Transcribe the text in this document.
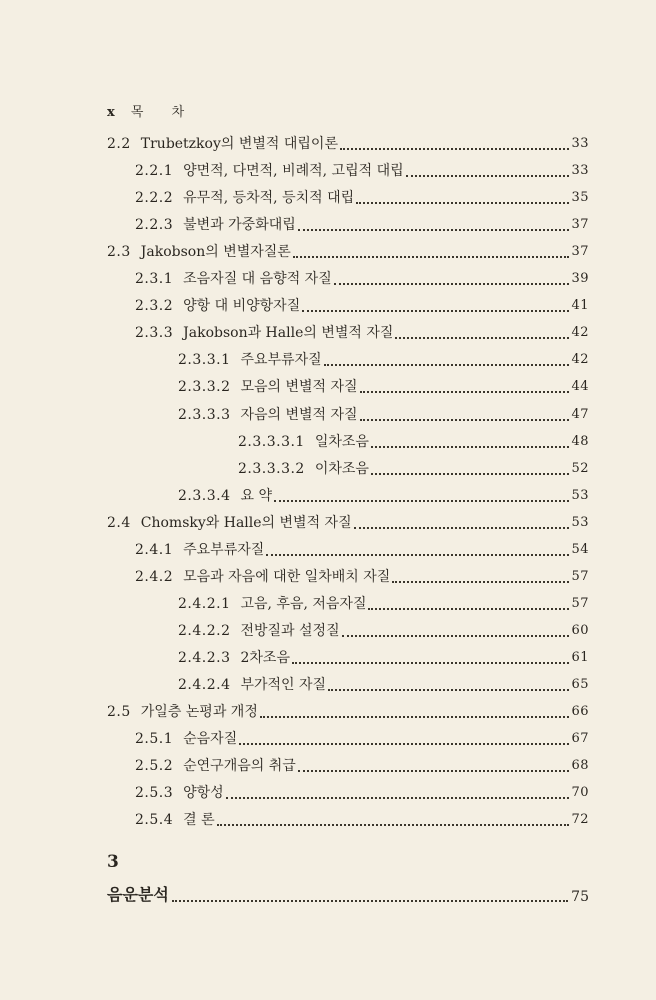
x 목 차
2.2 Trubetzkoy의 변별적 대립이론	33
2.2.1 양면적, 다면적, 비례적, 고립적 대립	33
2.2.2 유무적, 등차적, 등치적 대립	35
2.2.3 불변과 가중화대립	37
2.3 Jakobson의 변별자질론	37
2.3.1 조음자질 대 음향적 자질	39
2.3.2 양항 대 비양항자질	41
2.3.3 Jakobson과 Halle의 변별적 자질	42
2.3.3.1 주요부류자질	42
2.3.3.2 모음의 변별적 자질	44
2.3.3.3 자음의 변별적 자질	47
2.3.3.3.1 일차조음	48
2.3.3.3.2 이차조음	52
2.3.3.4 요 약	53
2.4 Chomsky와 Halle의 변별적 자질	53
2.4.1 주요부류자질	54
2.4.2 모음과 자음에 대한 일차배치 자질	57
2.4.2.1 고음, 후음, 저음자질	57
2.4.2.2 전방질과 설정질	60
2.4.2.3 2차조음	61
2.4.2.4 부가적인 자질	65
2.5 가일층 논평과 개정	66
2.5.1 순음자질	67
2.5.2 순연구개음의 취급	68
2.5.3 양항성	70
2.5.4 결 론	72
3
음운분석	75
